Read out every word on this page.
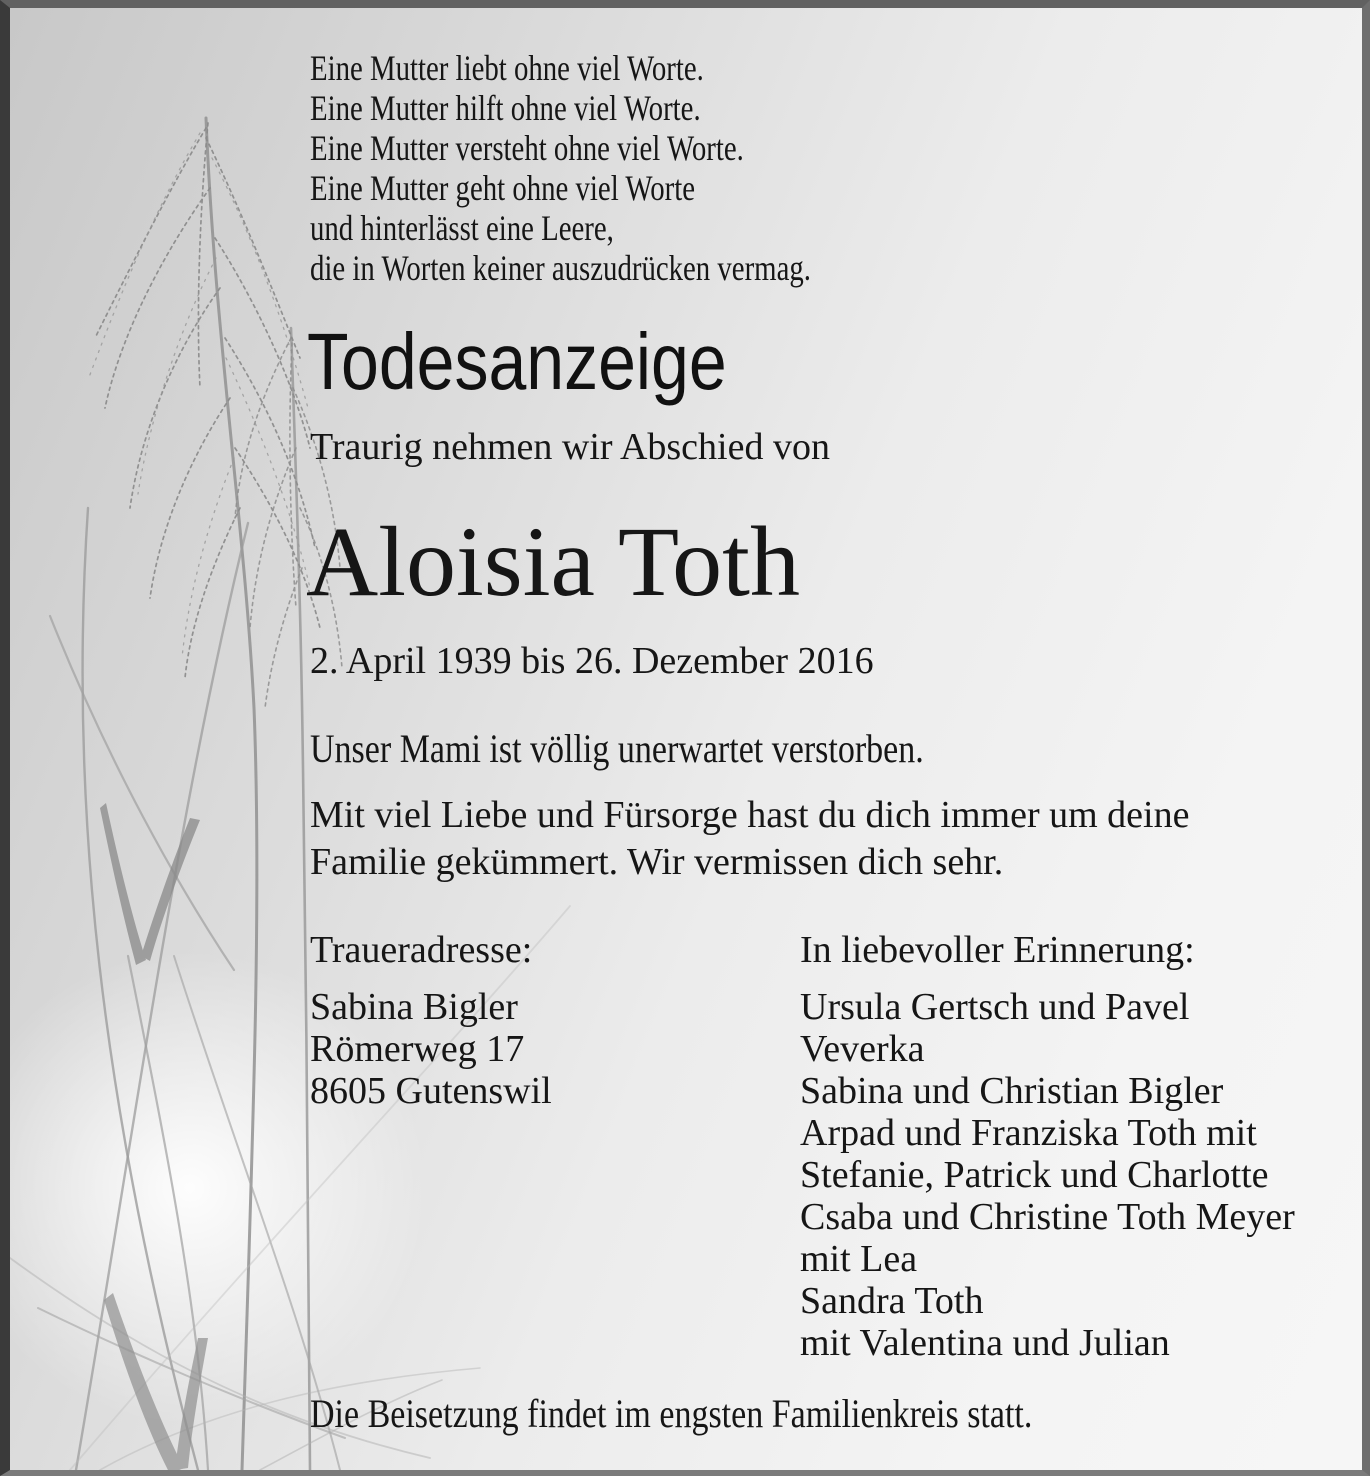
Eine Mutter liebt ohne viel Worte.
Eine Mutter hilft ohne viel Worte.
Eine Mutter versteht ohne viel Worte.
Eine Mutter geht ohne viel Worte
und hinterlässt eine Leere,
die in Worten keiner auszudrücken vermag.
Todesanzeige
Traurig nehmen wir Abschied von
Aloisia Toth
2. April 1939 bis 26. Dezember 2016
Unser Mami ist völlig unerwartet verstorben.
Mit viel Liebe und Fürsorge hast du dich immer um deine
Familie gekümmert. Wir vermissen dich sehr.
Traueradresse:
Sabina Bigler
Römerweg 17
8605 Gutenswil
In liebevoller Erinnerung:
Ursula Gertsch und Pavel
Veverka
Sabina und Christian Bigler
Arpad und Franziska Toth mit
Stefanie, Patrick und Charlotte
Csaba und Christine Toth Meyer
mit Lea
Sandra Toth
mit Valentina und Julian
Die Beisetzung findet im engsten Familienkreis statt.
